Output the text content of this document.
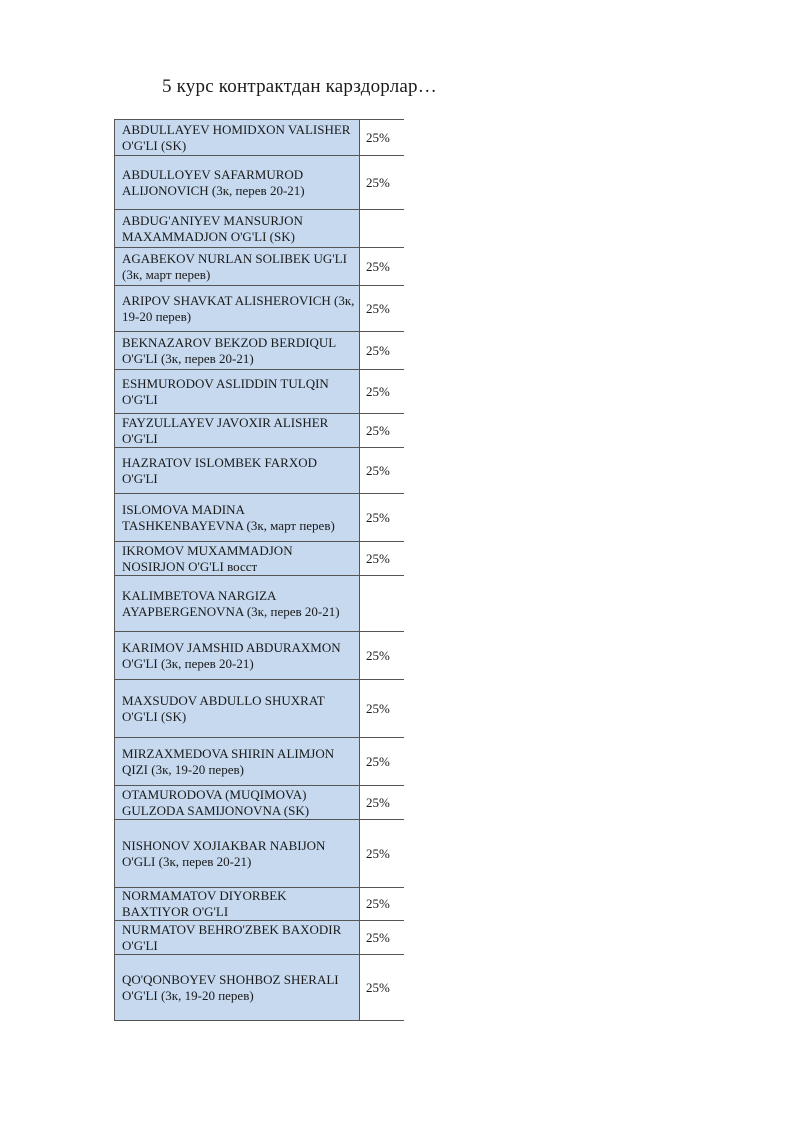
5 курс контрактдан карздорлар…
ABDULLAYEV HOMIDXON VALISHER O'G'LI (SK)	25%
ABDULLOYEV SAFARMUROD ALIJONOVICH (3к, перев 20-21)	25%
ABDUG'ANIYEV MANSURJON MAXAMMADJON O'G'LI (SK)	
AGABEKOV NURLAN SOLIBEK UG'LI (3к, март перев)	25%
ARIPOV SHAVKAT ALISHEROVICH (3к, 19-20 перев)	25%
BEKNAZAROV BEKZOD BERDIQUL O'G'LI (3к, перев 20-21)	25%
ESHMURODOV ASLIDDIN TULQIN O'G'LI	25%
FAYZULLAYEV JAVOXIR ALISHER O'G'LI	25%
HAZRATOV ISLOMBEK FARXOD O'G'LI	25%
ISLOMOVA MADINA TASHKENBAYEVNA (3к, март перев)	25%
IKROMOV MUXAMMADJON NOSIRJON O'G'LI восст	25%
KALIMBETOVA NARGIZA AYAPBERGENOVNA (3к, перев 20-21)	
KARIMOV JAMSHID ABDURAXMON O'G'LI (3к, перев 20-21)	25%
MAXSUDOV ABDULLO SHUXRAT O'G'LI (SK)	25%
MIRZAXMEDOVA SHIRIN ALIMJON QIZI (3к, 19-20 перев)	25%
OTAMURODOVA (MUQIMOVA) GULZODA SAMIJONOVNA (SK)	25%
NISHONOV XOJIAKBAR NABIJON O'GLI (3к, перев 20-21)	25%
NORMAMATOV DIYORBEK BAXTIYOR O'G'LI	25%
NURMATOV BEHRO'ZBEK BAXODIR O'G'LI	25%
QO'QONBOYEV SHOHBOZ SHERALI O'G'LI (3к, 19-20 перев)	25%
